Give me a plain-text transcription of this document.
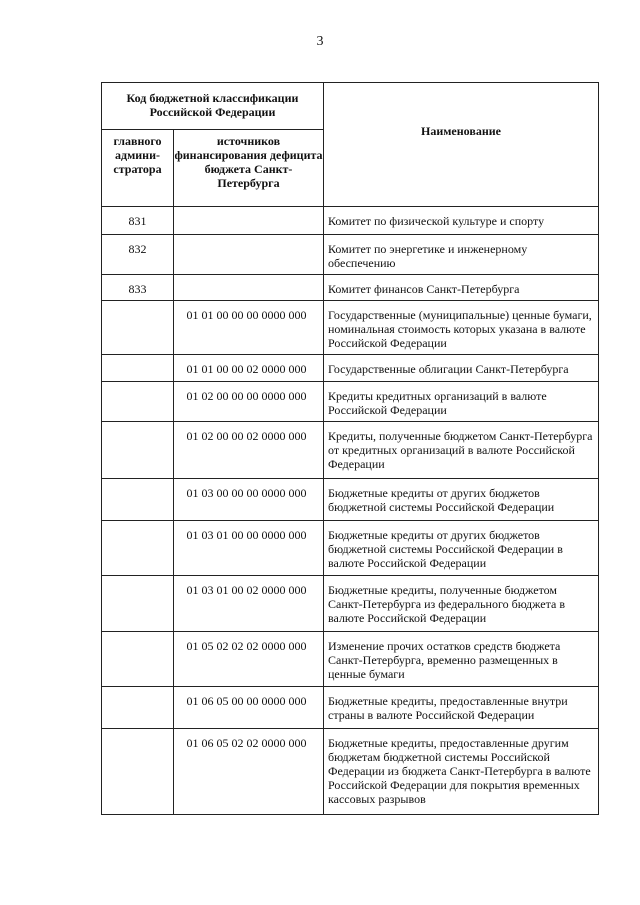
3
Код бюджетной классификации Российской Федерации		Наименование
главного админи-стратора	источников финансирования дефицита бюджета Санкт-Петербурга	
831		Комитет по физической культуре и спорту
832		Комитет по энергетике и инженерному обеспечению
833		Комитет финансов Санкт-Петербурга
	01 01 00 00 00 0000 000	Государственные (муниципальные) ценные бумаги, номинальная стоимость которых указана в валюте Российской Федерации
	01 01 00 00 02 0000 000	Государственные облигации Санкт-Петербурга
	01 02 00 00 00 0000 000	Кредиты кредитных организаций в валюте Российской Федерации
	01 02 00 00 02 0000 000	Кредиты, полученные бюджетом Санкт-Петербурга от кредитных организаций в валюте Российской Федерации
	01 03 00 00 00 0000 000	Бюджетные кредиты от других бюджетов бюджетной системы Российской Федерации
	01 03 01 00 00 0000 000	Бюджетные кредиты от других бюджетов бюджетной системы Российской Федерации в валюте Российской Федерации
	01 03 01 00 02 0000 000	Бюджетные кредиты, полученные бюджетом Санкт-Петербурга из федерального бюджета в валюте Российской Федерации
	01 05 02 02 02 0000 000	Изменение прочих остатков средств бюджета Санкт-Петербурга, временно размещенных в ценные бумаги
	01 06 05 00 00 0000 000	Бюджетные кредиты, предоставленные внутри страны в валюте Российской Федерации
	01 06 05 02 02 0000 000	Бюджетные кредиты, предоставленные другим бюджетам бюджетной системы Российской Федерации из бюджета Санкт-Петербурга в валюте Российской Федерации для покрытия временных кассовых разрывов
